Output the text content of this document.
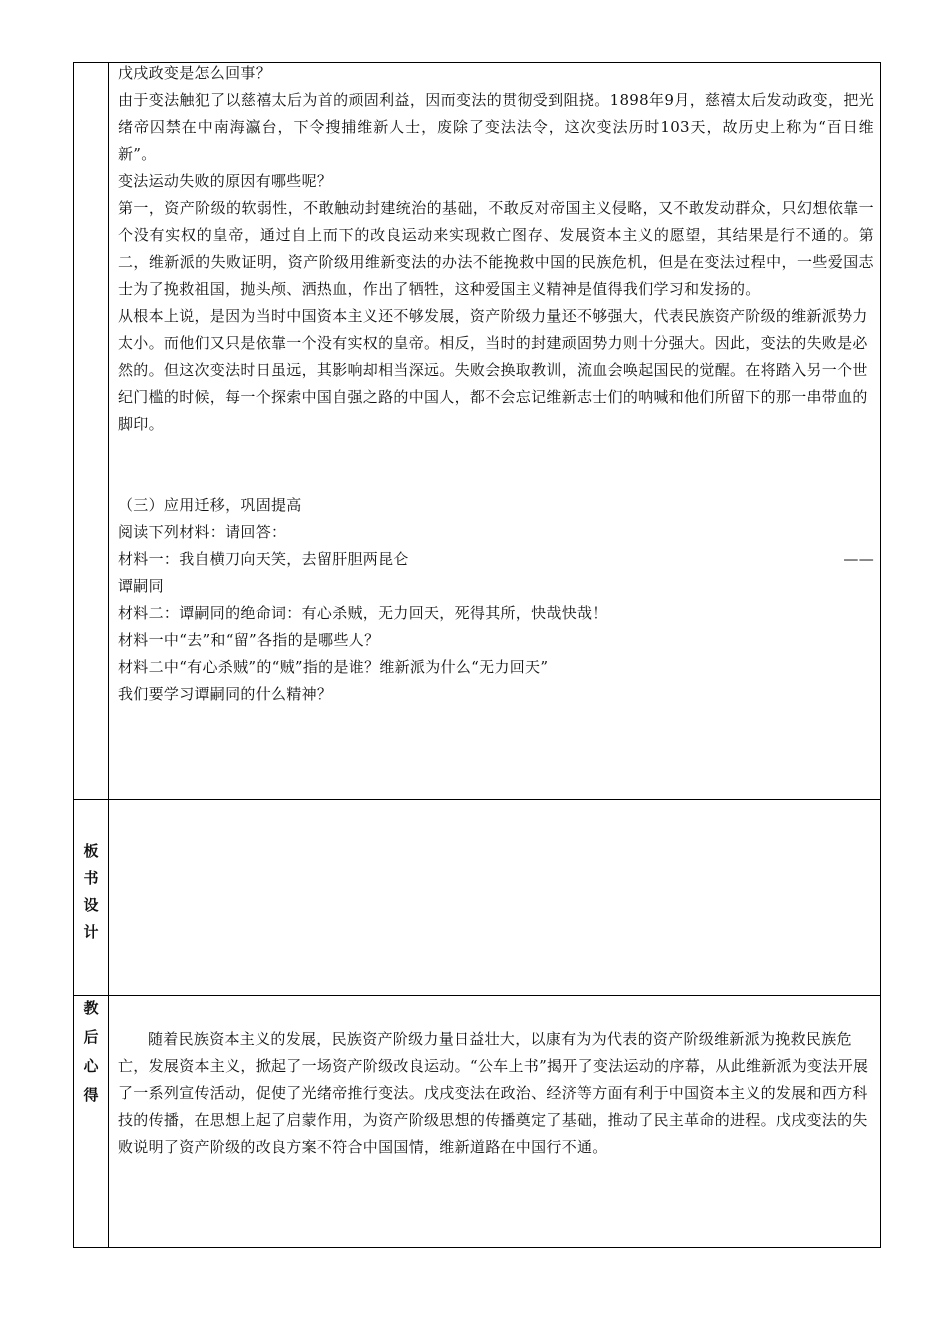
戊戌政变是怎么回事？

由于变法触犯了以慈禧太后为首的顽固利益，因而变法的贯彻受到阻挠。1898年9月，慈禧太后发动政变，把光绪帝囚禁在中南海瀛台，下令搜捕维新人士，废除了变法法令，这次变法历时103天，故历史上称为“百日维新”。

变法运动失败的原因有哪些呢？

第一，资产阶级的软弱性，不敢触动封建统治的基础，不敢反对帝国主义侵略，又不敢发动群众，只幻想依靠一个没有实权的皇帝，通过自上而下的改良运动来实现救亡图存、发展资本主义的愿望，其结果是行不通的。第二，维新派的失败证明，资产阶级用维新变法的办法不能挽救中国的民族危机，但是在变法过程中，一些爱国志士为了挽救祖国，抛头颅、洒热血，作出了牺牲，这种爱国主义精神是值得我们学习和发扬的。

从根本上说，是因为当时中国资本主义还不够发展，资产阶级力量还不够强大，代表民族资产阶级的维新派势力太小。而他们又只是依靠一个没有实权的皇帝。相反，当时的封建顽固势力则十分强大。因此，变法的失败是必然的。但这次变法时日虽远，其影响却相当深远。失败会换取教训，流血会唤起国民的觉醒。在将踏入另一个世纪门槛的时候，每一个探索中国自强之路的中国人，都不会忘记维新志士们的呐喊和他们所留下的那一串带血的脚印。

（三）应用迁移，巩固提高

阅读下列材料：请回答：

材料一：我自横刀向天笑，去留肝胆两昆仑	——

谭嗣同

材料二：谭嗣同的绝命词：有心杀贼，无力回天，死得其所，快哉快哉！

材料一中“去”和“留”各指的是哪些人？

材料二中“有心杀贼”的“贼”指的是谁？维新派为什么“无力回天”

我们要学习谭嗣同的什么精神？

板
书
设
计
教
后
心
得

随着民族资本主义的发展，民族资产阶级力量日益壮大，以康有为为代表的资产阶级维新派为挽救民族危亡，发展资本主义，掀起了一场资产阶级改良运动。“公车上书”揭开了变法运动的序幕，从此维新派为变法开展了一系列宣传活动，促使了光绪帝推行变法。戊戌变法在政治、经济等方面有利于中国资本主义的发展和西方科技的传播，在思想上起了启蒙作用，为资产阶级思想的传播奠定了基础，推动了民主革命的进程。戊戌变法的失败说明了资产阶级的改良方案不符合中国国情，维新道路在中国行不通。
